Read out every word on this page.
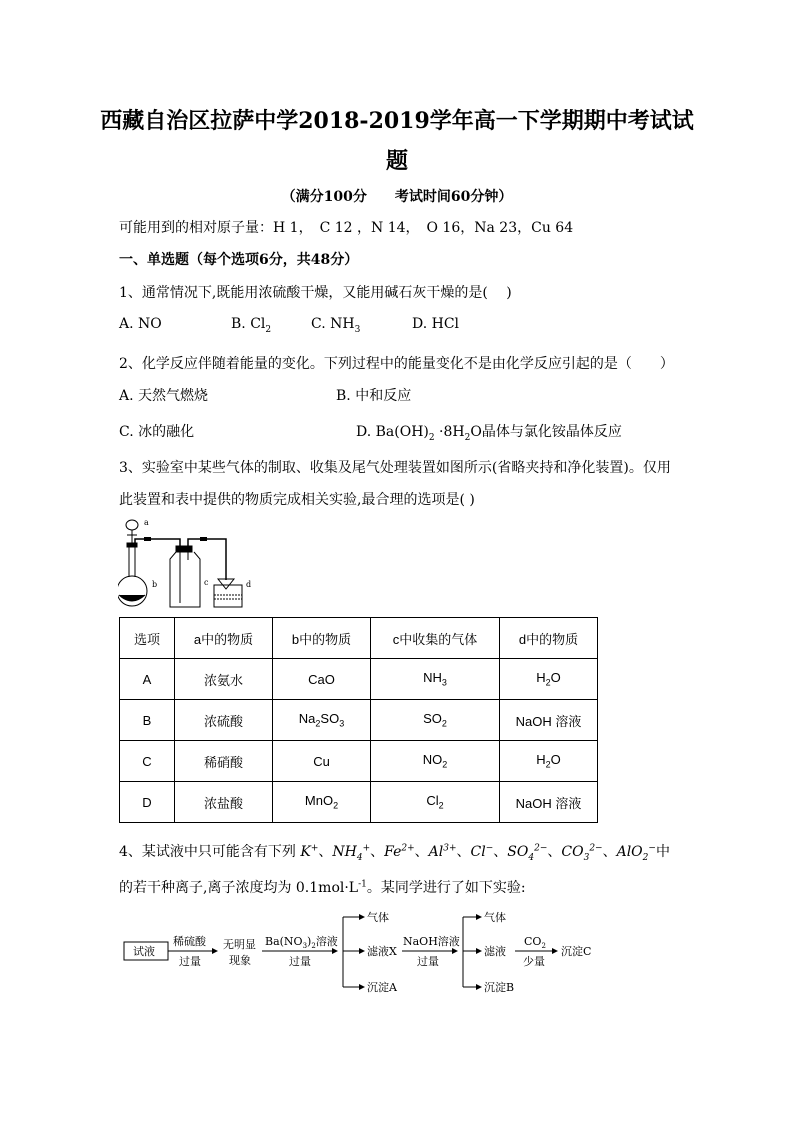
西藏自治区拉萨中学2018-2019学年高一下学期期中考试试
题
（满分100分　　考试时间60分钟）
可能用到的相对原子量：H 1，　C 12 ，N 14，　O 16，Na 23，Cu 64
一、单选题（每个选项6分，共48分）
1、通常情况下,既能用浓硫酸干燥，又能用碱石灰干燥的是(　 )
A. NO	B. $Cl_2$	C. $NH_3$	D. HCl
2、化学反应伴随着能量的变化。下列过程中的能量变化不是由化学反应引起的是（　　）
A. 天然气燃烧	B. 中和反应
C. 冰的融化	D. $Ba(OH)_2 \cdot 8H_2O$晶体与氯化铵晶体反应
3、实验室中某些气体的制取、收集及尾气处理装置如图所示(省略夹持和净化装置)。仅用
此装置和表中提供的物质完成相关实验,最合理的选项是( )
a
b	c	d
选项	a中的物质	b中的物质	c中收集的气体	d中的物质
A	浓氨水	CaO	$NH_3$	$H_2O$
B	浓硫酸	$Na_2SO_3$	$SO_2$	NaOH 溶液
C	稀硝酸	Cu	$NO_2$	$H_2O$
D	浓盐酸	MnO$_2$	$Cl_2$	NaOH 溶液
4、某试液中只可能含有下列 K+、$NH_4^+$、$Fe^{2+}$、$Al^{3+}$、Cl−、$SO_4^{2-}$、$CO_3^{2-}$、AlO$_2$−中
的若干种离子,离子浓度均为 $0.1mol\cdot L^{-1}$。某同学进行了如下实验:
试液
稀硫酸
过量
无明显
现象
$Ba(NO_3)_2$溶液
过量
气体
滤液X
沉淀A
NaOH溶液
过量
气体
滤液
沉淀B
$CO_2$
少量
沉淀C
